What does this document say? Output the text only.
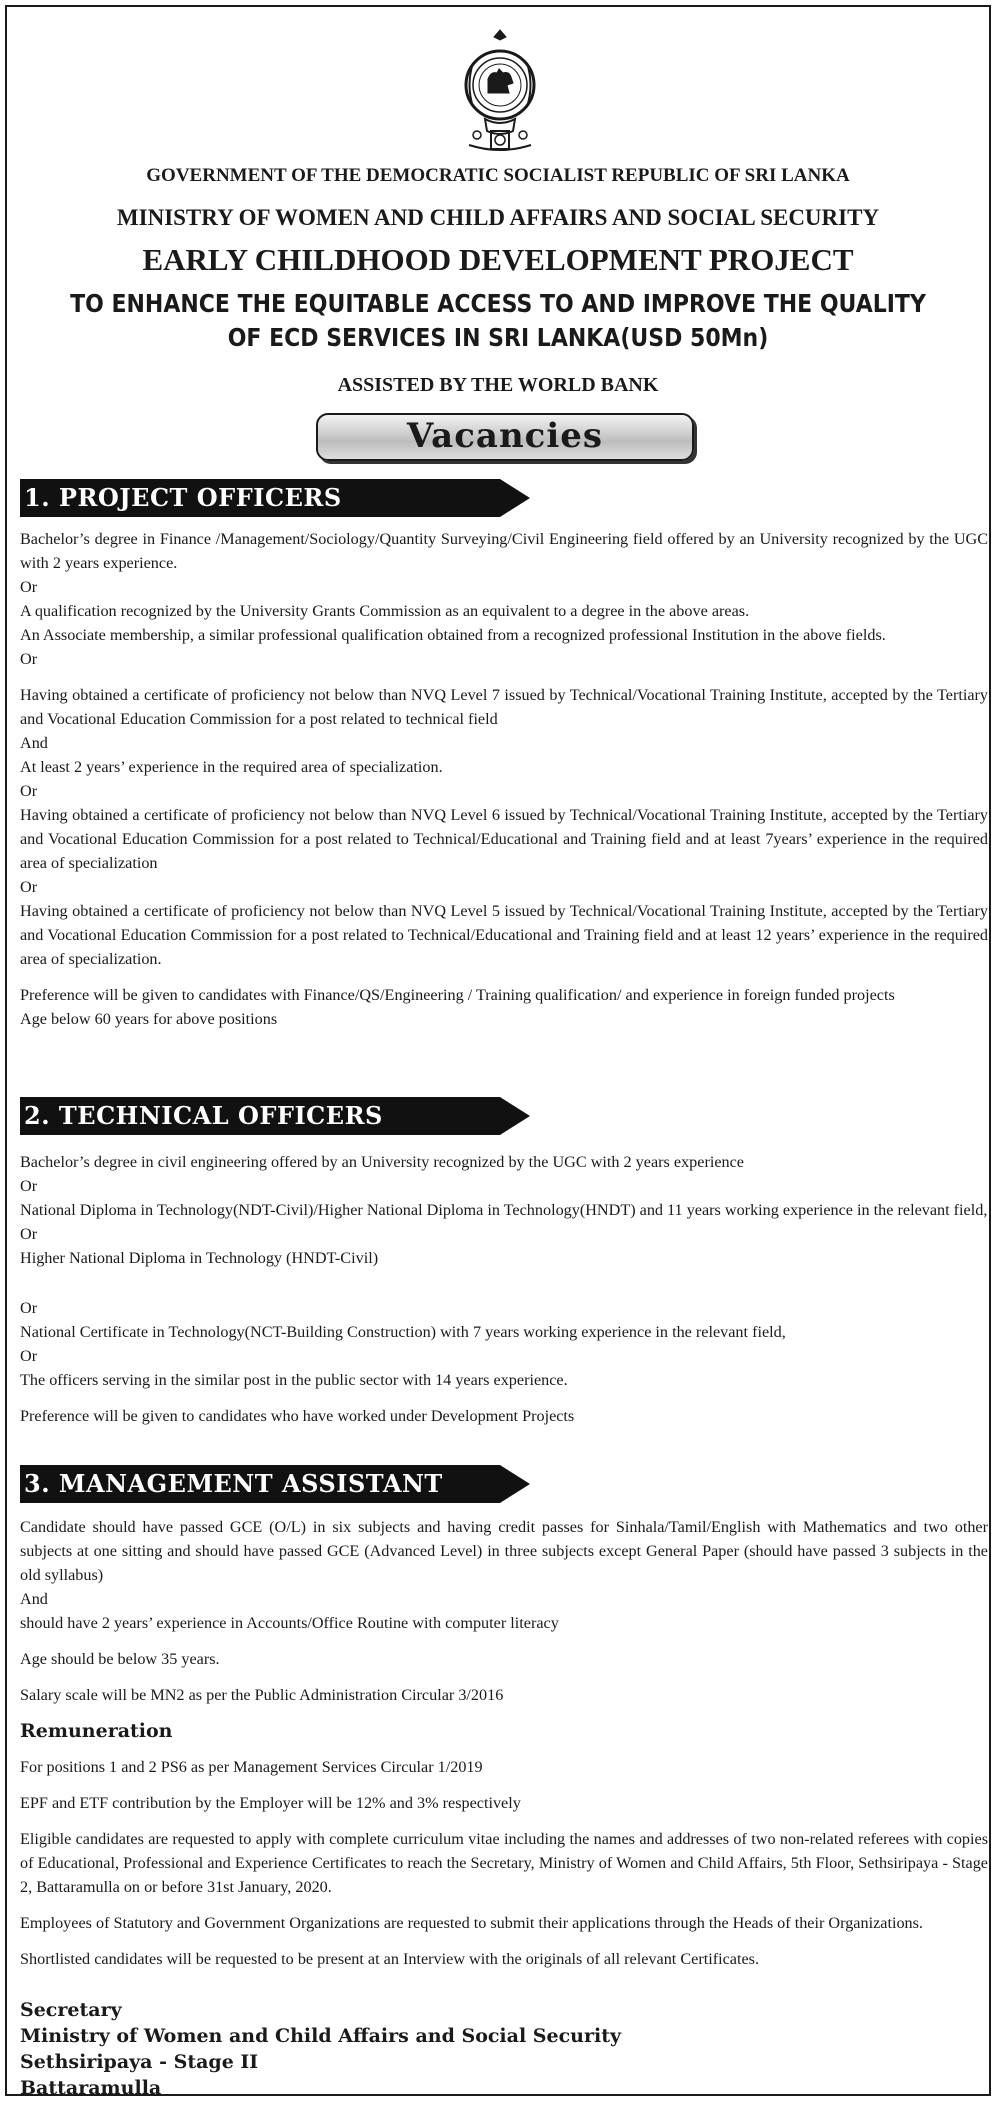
GOVERNMENT OF THE DEMOCRATIC SOCIALIST REPUBLIC OF SRI LANKA
MINISTRY OF WOMEN AND CHILD AFFAIRS AND SOCIAL SECURITY
EARLY CHILDHOOD DEVELOPMENT PROJECT
TO ENHANCE THE EQUITABLE ACCESS TO AND IMPROVE THE QUALITY OF ECD SERVICES IN SRI LANKA(USD 50Mn)
ASSISTED BY THE WORLD BANK
Vacancies
1. PROJECT OFFICERS

Bachelor’s degree in Finance /Management/Sociology/Quantity Surveying/Civil Engineering field offered by an University recognized by the UGC with 2 years experience.

Or

A qualification recognized by the University Grants Commission as an equivalent to a degree in the above areas.

An Associate membership, a similar professional qualification obtained from a recognized professional Institution in the above fields.

Or

Having obtained a certificate of proficiency not below than NVQ Level 7 issued by Technical/Vocational Training Institute, accepted by the Tertiary and Vocational Education Commission for a post related to technical field

And

At least 2 years’ experience in the required area of specialization.

Or

Having obtained a certificate of proficiency not below than NVQ Level 6 issued by Technical/Vocational Training Institute, accepted by the Tertiary and Vocational Education Commission for a post related to Technical/Educational and Training field and at least 7years’ experience in the required area of specialization

Or

Having obtained a certificate of proficiency not below than NVQ Level 5 issued by Technical/Vocational Training Institute, accepted by the Tertiary and Vocational Education Commission for a post related to Technical/Educational and Training field and at least 12 years’ experience in the required area of specialization.

Preference will be given to candidates with Finance/QS/Engineering / Training qualification/ and experience in foreign funded projects

Age below 60 years for above positions

2. TECHNICAL OFFICERS

Bachelor’s degree in civil engineering offered by an University recognized by the UGC with 2 years experience

Or

National Diploma in Technology(NDT-Civil)/Higher National Diploma in Technology(HNDT) and 11 years working experience in the relevant field,

Or

Higher National Diploma in Technology (HNDT-Civil)

Or

National Certificate in Technology(NCT-Building Construction) with 7 years working experience in the relevant field,

Or

The officers serving in the similar post in the public sector with 14 years experience.

Preference will be given to candidates who have worked under Development Projects

3. MANAGEMENT ASSISTANT

Candidate should have passed GCE (O/L) in six subjects and having credit passes for Sinhala/Tamil/English with Mathematics and two other subjects at one sitting and should have passed GCE (Advanced Level) in three subjects except General Paper (should have passed 3 subjects in the old syllabus)

And

should have 2 years’ experience in Accounts/Office Routine with computer literacy

Age should be below 35 years.

Salary scale will be MN2 as per the Public Administration Circular 3/2016

Remuneration

For positions 1 and 2 PS6 as per Management Services Circular 1/2019

EPF and ETF contribution by the Employer will be 12% and 3% respectively

Eligible candidates are requested to apply with complete curriculum vitae including the names and addresses of two non-related referees with copies of Educational, Professional and Experience Certificates to reach the Secretary, Ministry of Women and Child Affairs, 5th Floor, Sethsiripaya - Stage 2, Battaramulla on or before 31st January, 2020.

Employees of Statutory and Government Organizations are requested to submit their applications through the Heads of their Organizations.

Shortlisted candidates will be requested to be present at an Interview with the originals of all relevant Certificates.

Secretary
Ministry of Women and Child Affairs and Social Security
Sethsiripaya - Stage II
Battaramulla
